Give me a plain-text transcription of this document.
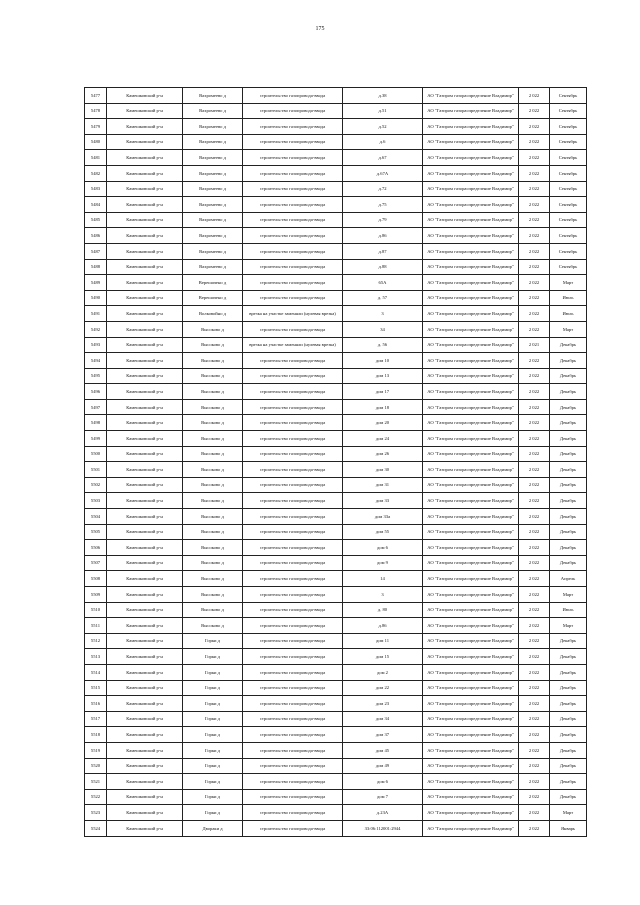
175
5477	Камешковский р-н	Вахромеево д	строительство газопровода-ввода	д.38	АО "Газпром газораспределение Владимир"	2 022	Сентябрь
5478	Камешковский р-н	Вахромеево д	строительство газопровода-ввода	д.51	АО "Газпром газораспределение Владимир"	2 022	Сентябрь
5479	Камешковский р-н	Вахромеево д	строительство газопровода-ввода	д.52	АО "Газпром газораспределение Владимир"	2 022	Сентябрь
5480	Камешковский р-н	Вахромеево д	строительство газопровода-ввода	д.6	АО "Газпром газораспределение Владимир"	2 022	Сентябрь
5481	Камешковский р-н	Вахромеево д	строительство газопровода-ввода	д.67	АО "Газпром газораспределение Владимир"	2 022	Сентябрь
5482	Камешковский р-н	Вахромеево д	строительство газопровода-ввода	д.67А	АО "Газпром газораспределение Владимир"	2 022	Сентябрь
5483	Камешковский р-н	Вахромеево д	строительство газопровода-ввода	д.72	АО "Газпром газораспределение Владимир"	2 022	Сентябрь
5484	Камешковский р-н	Вахромеево д	строительство газопровода-ввода	д.75	АО "Газпром газораспределение Владимир"	2 022	Сентябрь
5485	Камешковский р-н	Вахромеево д	строительство газопровода-ввода	д.79	АО "Газпром газораспределение Владимир"	2 022	Сентябрь
5486	Камешковский р-н	Вахромеево д	строительство газопровода-ввода	д.86	АО "Газпром газораспределение Владимир"	2 022	Сентябрь
5487	Камешковский р-н	Вахромеево д	строительство газопровода-ввода	д.87	АО "Газпром газораспределение Владимир"	2 022	Сентябрь
5488	Камешковский р-н	Вахромеево д	строительство газопровода-ввода	д.88	АО "Газпром газораспределение Владимир"	2 022	Сентябрь
5489	Камешковский р-н	Верешачено д	строительство газопровода-ввода	65А	АО "Газпром газораспределение Владимир"	2 022	Март
5490	Камешковский р-н	Верешачено д	строительство газопровода-ввода	д. 57	АО "Газпром газораспределение Владимир"	2 022	Июль
5491	Камешковский р-н	Волковойно д	врезка на участке заменяли (нулевая врезка)	3	АО "Газпром газораспределение Владимир"	2 022	Июль
5492	Камешковский р-н	Высоково д	строительство газопровода-ввода	34	АО "Газпром газораспределение Владимир"	2 022	Март
5493	Камешковский р-н	Высоково д	врезка на участке заменяли (нулевая врезка)	д. 56	АО "Газпром газораспределение Владимир"	2 021	Декабрь
5494	Камешковский р-н	Высоково д	строительство газопровода-ввода	дом 10	АО "Газпром газораспределение Владимир"	2 022	Декабрь
5495	Камешковский р-н	Высоково д	строительство газопровода-ввода	дом 13	АО "Газпром газораспределение Владимир"	2 022	Декабрь
5496	Камешковский р-н	Высоково д	строительство газопровода-ввода	дом 17	АО "Газпром газораспределение Владимир"	2 022	Декабрь
5497	Камешковский р-н	Высоково д	строительство газопровода-ввода	дом 18	АО "Газпром газораспределение Владимир"	2 022	Декабрь
5498	Камешковский р-н	Высоково д	строительство газопровода-ввода	дом 20	АО "Газпром газораспределение Владимир"	2 022	Декабрь
5499	Камешковский р-н	Высоково д	строительство газопровода-ввода	дом 24	АО "Газпром газораспределение Владимир"	2 022	Декабрь
5500	Камешковский р-н	Высоково д	строительство газопровода-ввода	дом 26	АО "Газпром газораспределение Владимир"	2 022	Декабрь
5501	Камешковский р-н	Высоково д	строительство газопровода-ввода	дом 30	АО "Газпром газораспределение Владимир"	2 022	Декабрь
5502	Камешковский р-н	Высоково д	строительство газопровода-ввода	дом 31	АО "Газпром газораспределение Владимир"	2 022	Декабрь
5503	Камешковский р-н	Высоково д	строительство газопровода-ввода	дом 33	АО "Газпром газораспределение Владимир"	2 022	Декабрь
5504	Камешковский р-н	Высоково д	строительство газопровода-ввода	дом 33а	АО "Газпром газораспределение Владимир"	2 022	Декабрь
5505	Камешковский р-н	Высоково д	строительство газопровода-ввода	дом 55	АО "Газпром газораспределение Владимир"	2 022	Декабрь
5506	Камешковский р-н	Высоково д	строительство газопровода-ввода	дом 6	АО "Газпром газораспределение Владимир"	2 022	Декабрь
5507	Камешковский р-н	Высоково д	строительство газопровода-ввода	дом 9	АО "Газпром газораспределение Владимир"	2 022	Декабрь
5508	Камешковский р-н	Высоково д	строительство газопровода-ввода	14	АО "Газпром газораспределение Владимир"	2 022	Апрель
5509	Камешковский р-н	Высоково д	строительство газопровода-ввода	3	АО "Газпром газораспределение Владимир"	2 022	Март
5510	Камешковский р-н	Высоково д	строительство газопровода-ввода	д. 80	АО "Газпром газораспределение Владимир"	2 022	Июль
5511	Камешковский р-н	Высоково д	строительство газопровода-ввода	д.86	АО "Газпром газораспределение Владимир"	2 022	Март
5512	Камешковский р-н	Горки д	строительство газопровода-ввода	дом 11	АО "Газпром газораспределение Владимир"	2 022	Декабрь
5513	Камешковский р-н	Горки д	строительство газопровода-ввода	дом 15	АО "Газпром газораспределение Владимир"	2 022	Декабрь
5514	Камешковский р-н	Горки д	строительство газопровода-ввода	дом 2	АО "Газпром газораспределение Владимир"	2 022	Декабрь
5515	Камешковский р-н	Горки д	строительство газопровода-ввода	дом 22	АО "Газпром газораспределение Владимир"	2 022	Декабрь
5516	Камешковский р-н	Горки д	строительство газопровода-ввода	дом 23	АО "Газпром газораспределение Владимир"	2 022	Декабрь
5517	Камешковский р-н	Горки д	строительство газопровода-ввода	дом 34	АО "Газпром газораспределение Владимир"	2 022	Декабрь
5518	Камешковский р-н	Горки д	строительство газопровода-ввода	дом 37	АО "Газпром газораспределение Владимир"	2 022	Декабрь
5519	Камешковский р-н	Горки д	строительство газопровода-ввода	дом 45	АО "Газпром газораспределение Владимир"	2 022	Декабрь
5520	Камешковский р-н	Горки д	строительство газопровода-ввода	дом 49	АО "Газпром газораспределение Владимир"	2 022	Декабрь
5521	Камешковский р-н	Горки д	строительство газопровода-ввода	дом 6	АО "Газпром газораспределение Владимир"	2 022	Декабрь
5522	Камешковский р-н	Горки д	строительство газопровода-ввода	дом 7	АО "Газпром газораспределение Владимир"	2 022	Декабрь
5523	Камешковский р-н	Горки д	строительство газопровода-ввода	д.23А	АО "Газпром газораспределение Владимир"	2 022	Март
5524	Камешковский р-н	Двораки д	строительство газопровода-ввода	33:06:112001:2944	АО "Газпром газораспределение Владимир"	2 022	Январь
